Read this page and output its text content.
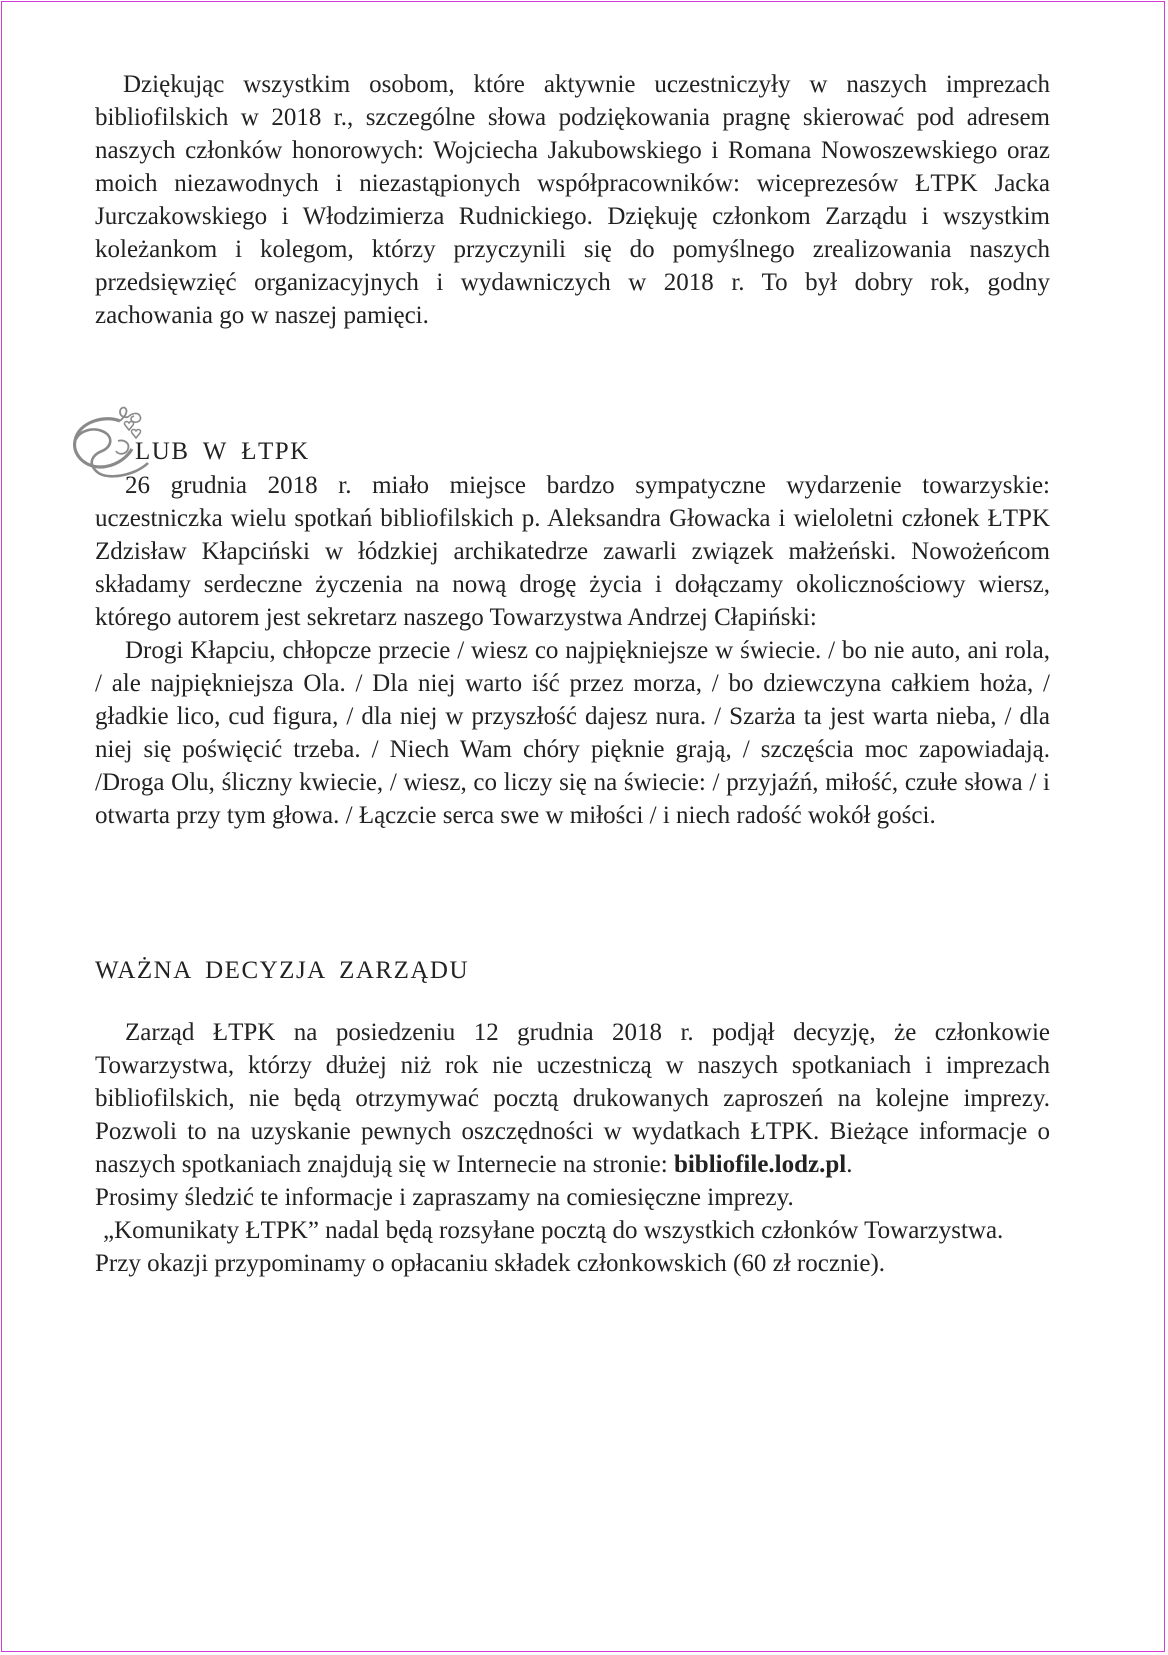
Dziękując wszystkim osobom, które aktywnie uczestniczyły w naszych imprezach bibliofilskich w 2018 r., szczególne słowa podziękowania pragnę skierować pod adresem naszych członków honorowych: Wojciecha Jakubowskiego i Romana Nowoszewskiego oraz moich niezawodnych i niezastąpionych współpracowników: wiceprezesów ŁTPK Jacka Jurczakowskiego i Włodzimierza Rudnickiego. Dziękuję członkom Zarządu i wszystkim koleżankom i kolegom, którzy przyczynili się do pomyślnego zrealizowania naszych przedsięwzięć organizacyjnych i wydawniczych w 2018 r. To był dobry rok, godny zachowania go w naszej pamięci.

LUB W ŁTPK

26 grudnia 2018 r. miało miejsce bardzo sympatyczne wydarzenie towarzyskie: uczestniczka wielu spotkań bibliofilskich p. Aleksandra Głowacka i wieloletni członek ŁTPK Zdzisław Kłapciński w łódzkiej archikatedrze zawarli związek małżeński. Nowożeńcom składamy serdeczne życzenia na nową drogę życia i dołączamy okolicznościowy wiersz, którego autorem jest sekretarz naszego Towarzystwa Andrzej Cłapiński:

Drogi Kłapciu, chłopcze przecie / wiesz co najpiękniejsze w świecie. / bo nie auto, ani rola, / ale najpiękniejsza Ola. / Dla niej warto iść przez morza, / bo dziewczyna całkiem hoża, / gładkie lico, cud figura, / dla niej w przyszłość dajesz nura. / Szarża ta jest warta nieba, / dla niej się poświęcić trzeba. / Niech Wam chóry pięknie grają, / szczęścia moc zapowiadają. /Droga Olu, śliczny kwiecie, / wiesz, co liczy się na świecie: / przyjaźń, miłość, czułe słowa / i otwarta przy tym głowa. / Łączcie serca swe w miłości / i niech radość wokół gości.

WAŻNA DECYZJA ZARZĄDU

Zarząd ŁTPK na posiedzeniu 12 grudnia 2018 r. podjął decyzję, że członkowie Towarzystwa, którzy dłużej niż rok nie uczestniczą w naszych spotkaniach i imprezach bibliofilskich, nie będą otrzymywać pocztą drukowanych zaproszeń na kolejne imprezy. Pozwoli to na uzyskanie pewnych oszczędności w wydatkach ŁTPK. Bieżące informacje o naszych spotkaniach znajdują się w Internecie na stronie: bibliofile.lodz.pl.

Prosimy śledzić te informacje i zapraszamy na comiesięczne imprezy.

„Komunikaty ŁTPK” nadal będą rozsyłane pocztą do wszystkich członków Towarzystwa.

Przy okazji przypominamy o opłacaniu składek członkowskich (60 zł rocznie).
